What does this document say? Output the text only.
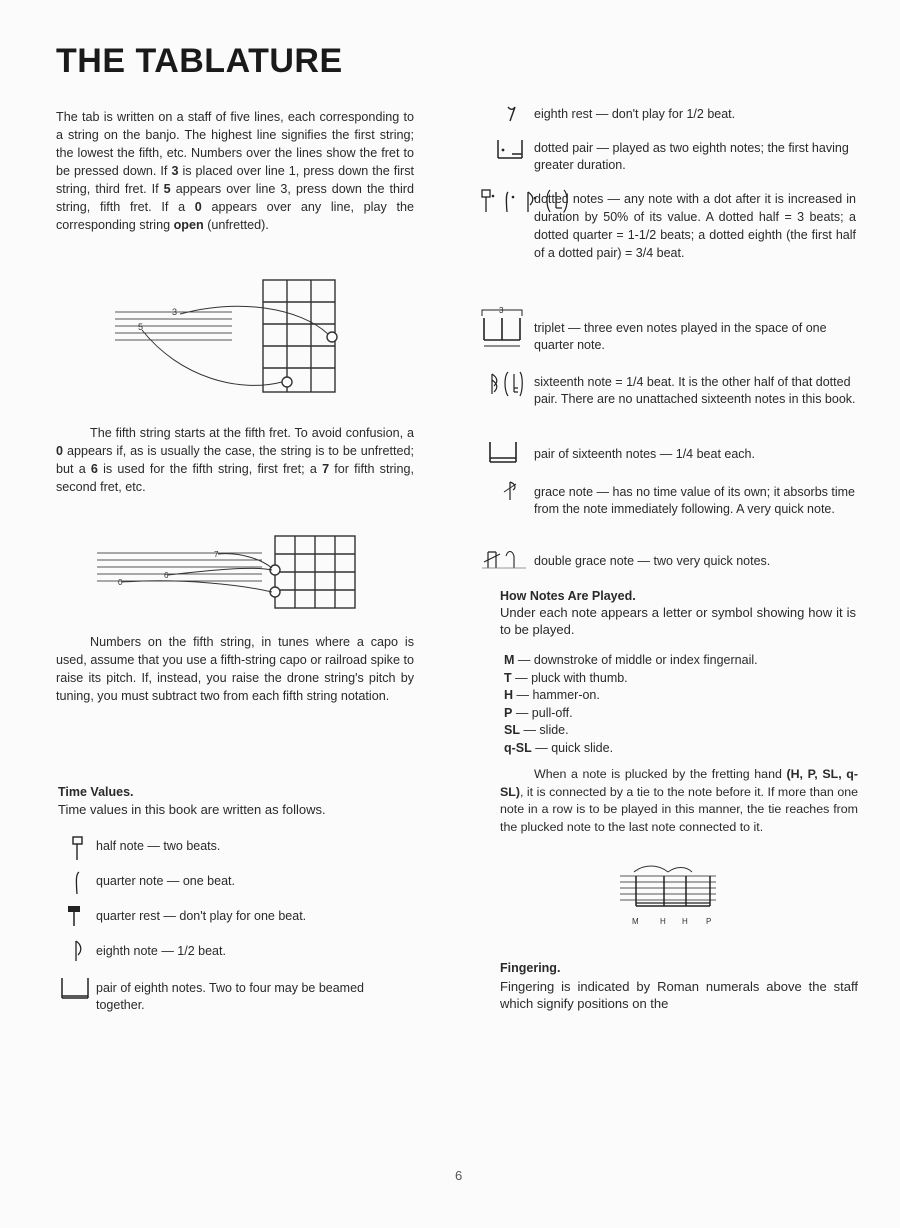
THE TABLATURE
The tab is written on a staff of five lines, each corresponding to a string on the banjo. The highest line signifies the first string; the lowest the fifth, etc. Numbers over the lines show the fret to be pressed down. If 3 is placed over line 1, press down the first string, third fret. If 5 appears over line 3, press down the third string, fifth fret. If a 0 appears over any line, play the corresponding string open (unfretted).
3
5
The fifth string starts at the fifth fret. To avoid confusion, a 0 appears if, as is usually the case, the string is to be unfretted; but a 6 is used for the fifth string, first fret; a 7 for fifth string, second fret, etc.
7
6
0
Numbers on the fifth string, in tunes where a capo is used, assume that you use a fifth-string capo or railroad spike to raise its pitch. If, instead, you raise the drone string's pitch by tuning, you must subtract two from each fifth string notation.
Time Values.
Time values in this book are written as follows.
half note — two beats.
quarter note — one beat.
quarter rest — don't play for one beat.
eighth note — 1/2 beat.
pair of eighth notes. Two to four may be beamed together.
eighth rest — don't play for 1/2 beat.
dotted pair — played as two eighth notes; the first having greater duration.
dotted notes — any note with a dot after it is increased in duration by 50% of its value. A dotted half = 3 beats; a dotted quarter = 1-1/2 beats; a dotted eighth (the first half of a dotted pair) = 3/4 beat.
3
triplet — three even notes played in the space of one quarter note.
sixteenth note = 1/4 beat. It is the other half of that dotted pair. There are no unattached sixteenth notes in this book.
pair of sixteenth notes — 1/4 beat each.
grace note — has no time value of its own; it absorbs time from the note immediately following. A very quick note.
double grace note — two very quick notes.
How Notes Are Played.
Under each note appears a letter or symbol showing how it is to be played.
M — downstroke of middle or index fingernail.
T — pluck with thumb.
H — hammer-on.
P — pull-off.
SL — slide.
q-SL — quick slide.
When a note is plucked by the fretting hand (H, P, SL, q-SL), it is connected by a tie to the note before it. If more than one note in a row is to be played in this manner, the tie reaches from the plucked note to the last note connected to it.
M	H H P
Fingering.
Fingering is indicated by Roman numerals above the staff which signify positions on the
6
